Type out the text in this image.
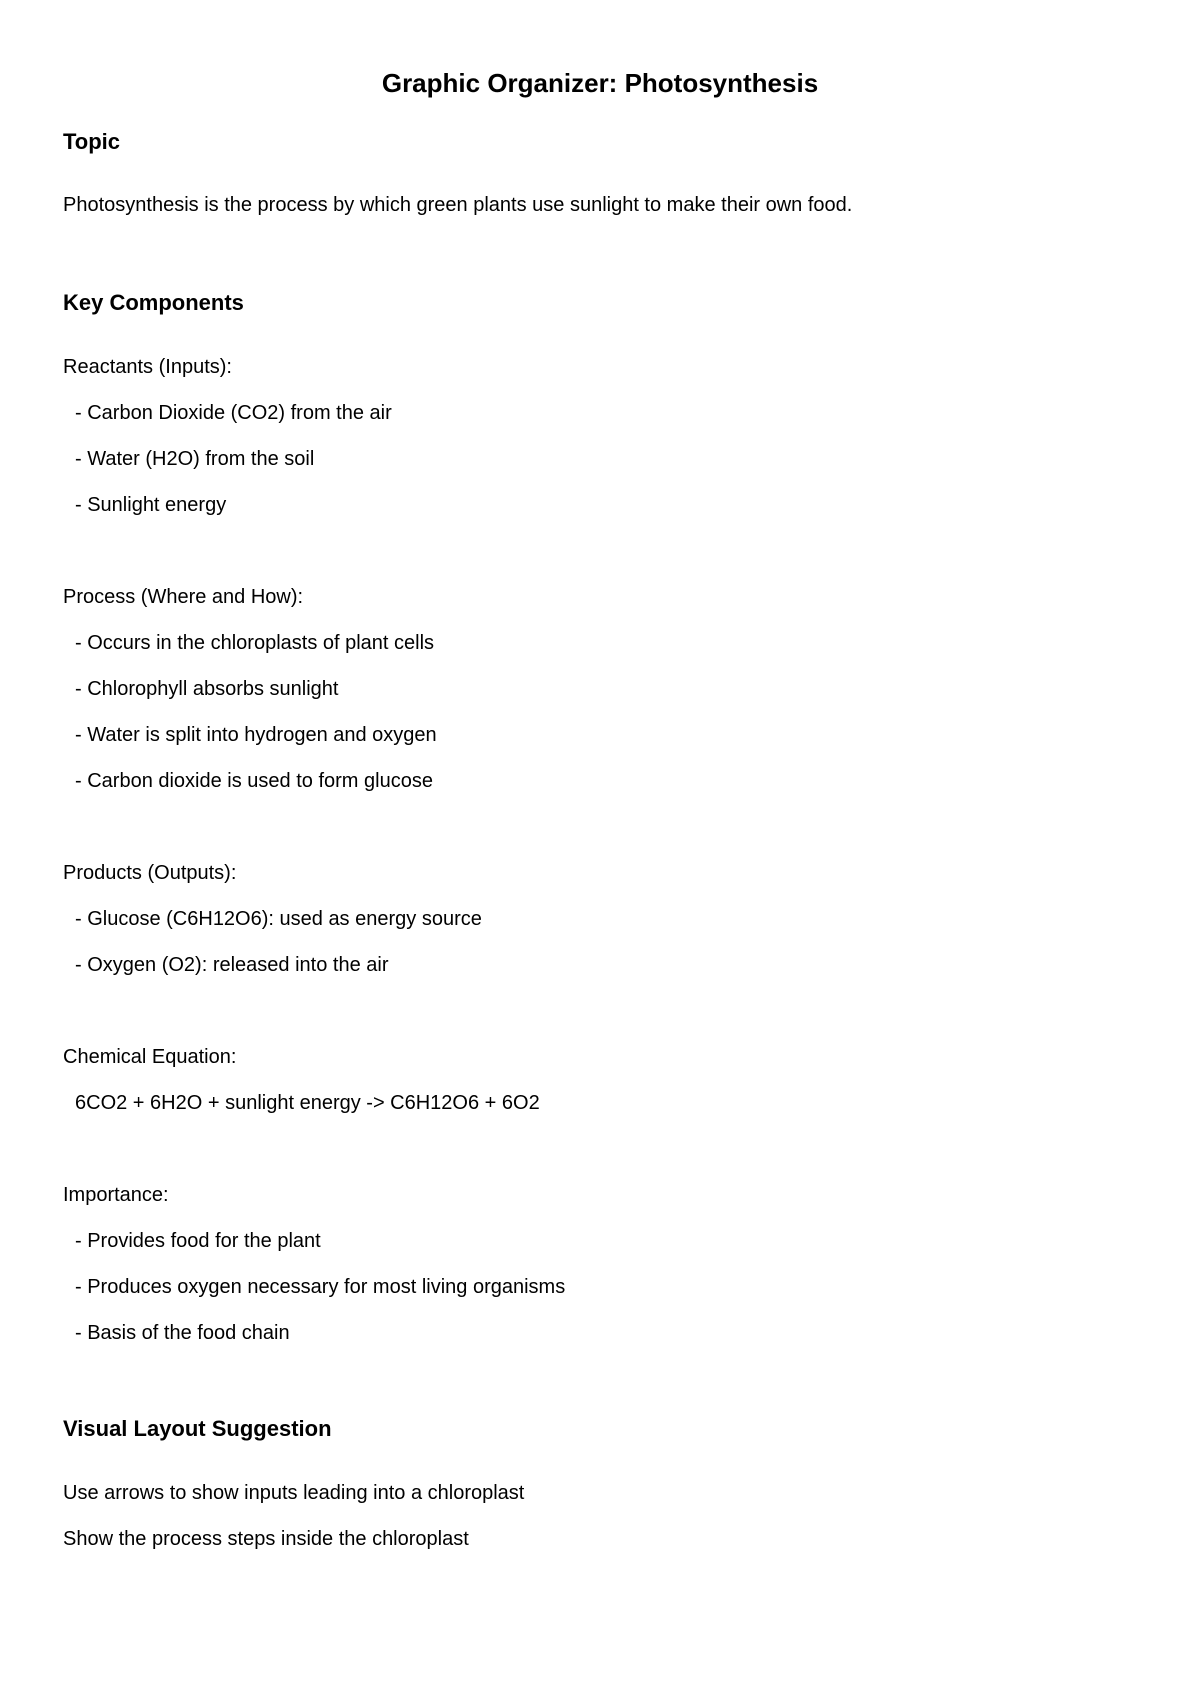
Graphic Organizer: Photosynthesis
Topic
Photosynthesis is the process by which green plants use sunlight to make their own food.
Key Components
Reactants (Inputs):
- Carbon Dioxide (CO2) from the air
- Water (H2O) from the soil
- Sunlight energy
Process (Where and How):
- Occurs in the chloroplasts of plant cells
- Chlorophyll absorbs sunlight
- Water is split into hydrogen and oxygen
- Carbon dioxide is used to form glucose
Products (Outputs):
- Glucose (C6H12O6): used as energy source
- Oxygen (O2): released into the air
Chemical Equation:
6CO2 + 6H2O + sunlight energy -> C6H12O6 + 6O2
Importance:
- Provides food for the plant
- Produces oxygen necessary for most living organisms
- Basis of the food chain
Visual Layout Suggestion
Use arrows to show inputs leading into a chloroplast
Show the process steps inside the chloroplast
